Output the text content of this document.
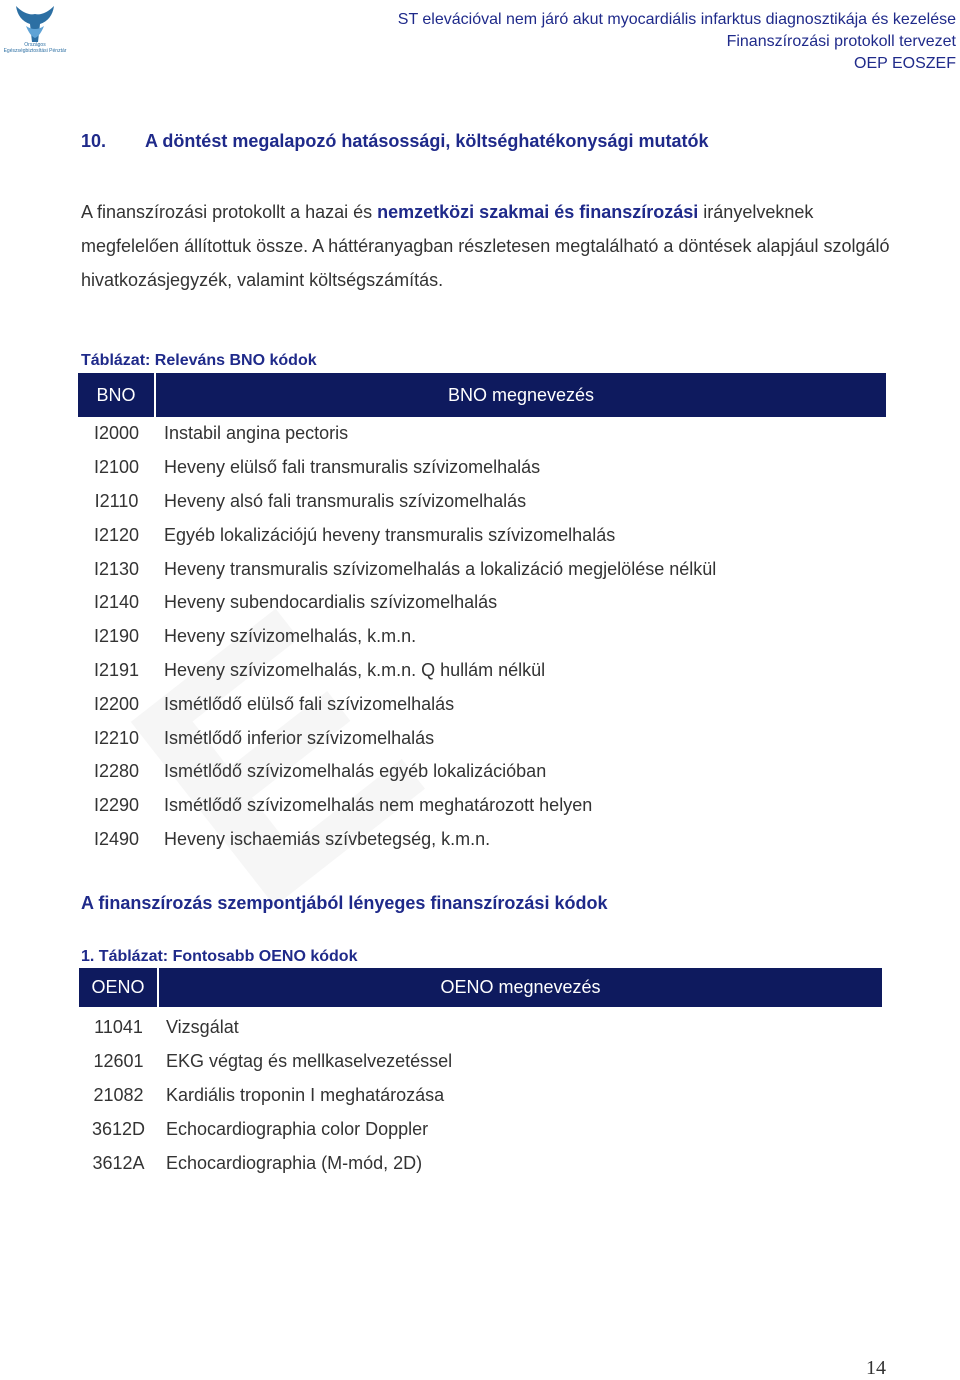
Országos Egészségbiztosítási Pénztár
ST elevációval nem járó akut myocardiális infarktus diagnosztikája és kezelése
Finanszírozási protokoll tervezet
OEP EOSZEF
10. A döntést megalapozó hatásossági, költséghatékonysági mutatók
A finanszírozási protokollt a hazai és nemzetközi szakmai és finanszírozási irányelveknek megfelelően állítottuk össze. A háttéranyagban részletesen megtalálható a döntések alapjául szolgáló hivatkozásjegyzék, valamint költségszámítás.
Táblázat: Releváns BNO kódok
BNO	BNO megnevezés
I2000	Instabil angina pectoris
I2100	Heveny elülső fali transmuralis szívizomelhalás
I2110	Heveny alsó fali transmuralis szívizomelhalás
I2120	Egyéb lokalizációjú heveny transmuralis szívizomelhalás
I2130	Heveny transmuralis szívizomelhalás a lokalizáció megjelölése nélkül
I2140	Heveny subendocardialis szívizomelhalás
I2190	Heveny szívizomelhalás, k.m.n.
I2191	Heveny szívizomelhalás, k.m.n. Q hullám nélkül
I2200	Ismétlődő elülső fali szívizomelhalás
I2210	Ismétlődő inferior szívizomelhalás
I2280	Ismétlődő szívizomelhalás egyéb lokalizációban
I2290	Ismétlődő szívizomelhalás nem meghatározott helyen
I2490	Heveny ischaemiás szívbetegség, k.m.n.
A finanszírozás szempontjából lényeges finanszírozási kódok
1. Táblázat: Fontosabb OENO kódok
OENO	OENO megnevezés
11041	Vizsgálat
12601	EKG végtag és mellkaselvezetéssel
21082	Kardiális troponin I meghatározása
3612D	Echocardiographia color Doppler
3612A	Echocardiographia (M-mód, 2D)
14
